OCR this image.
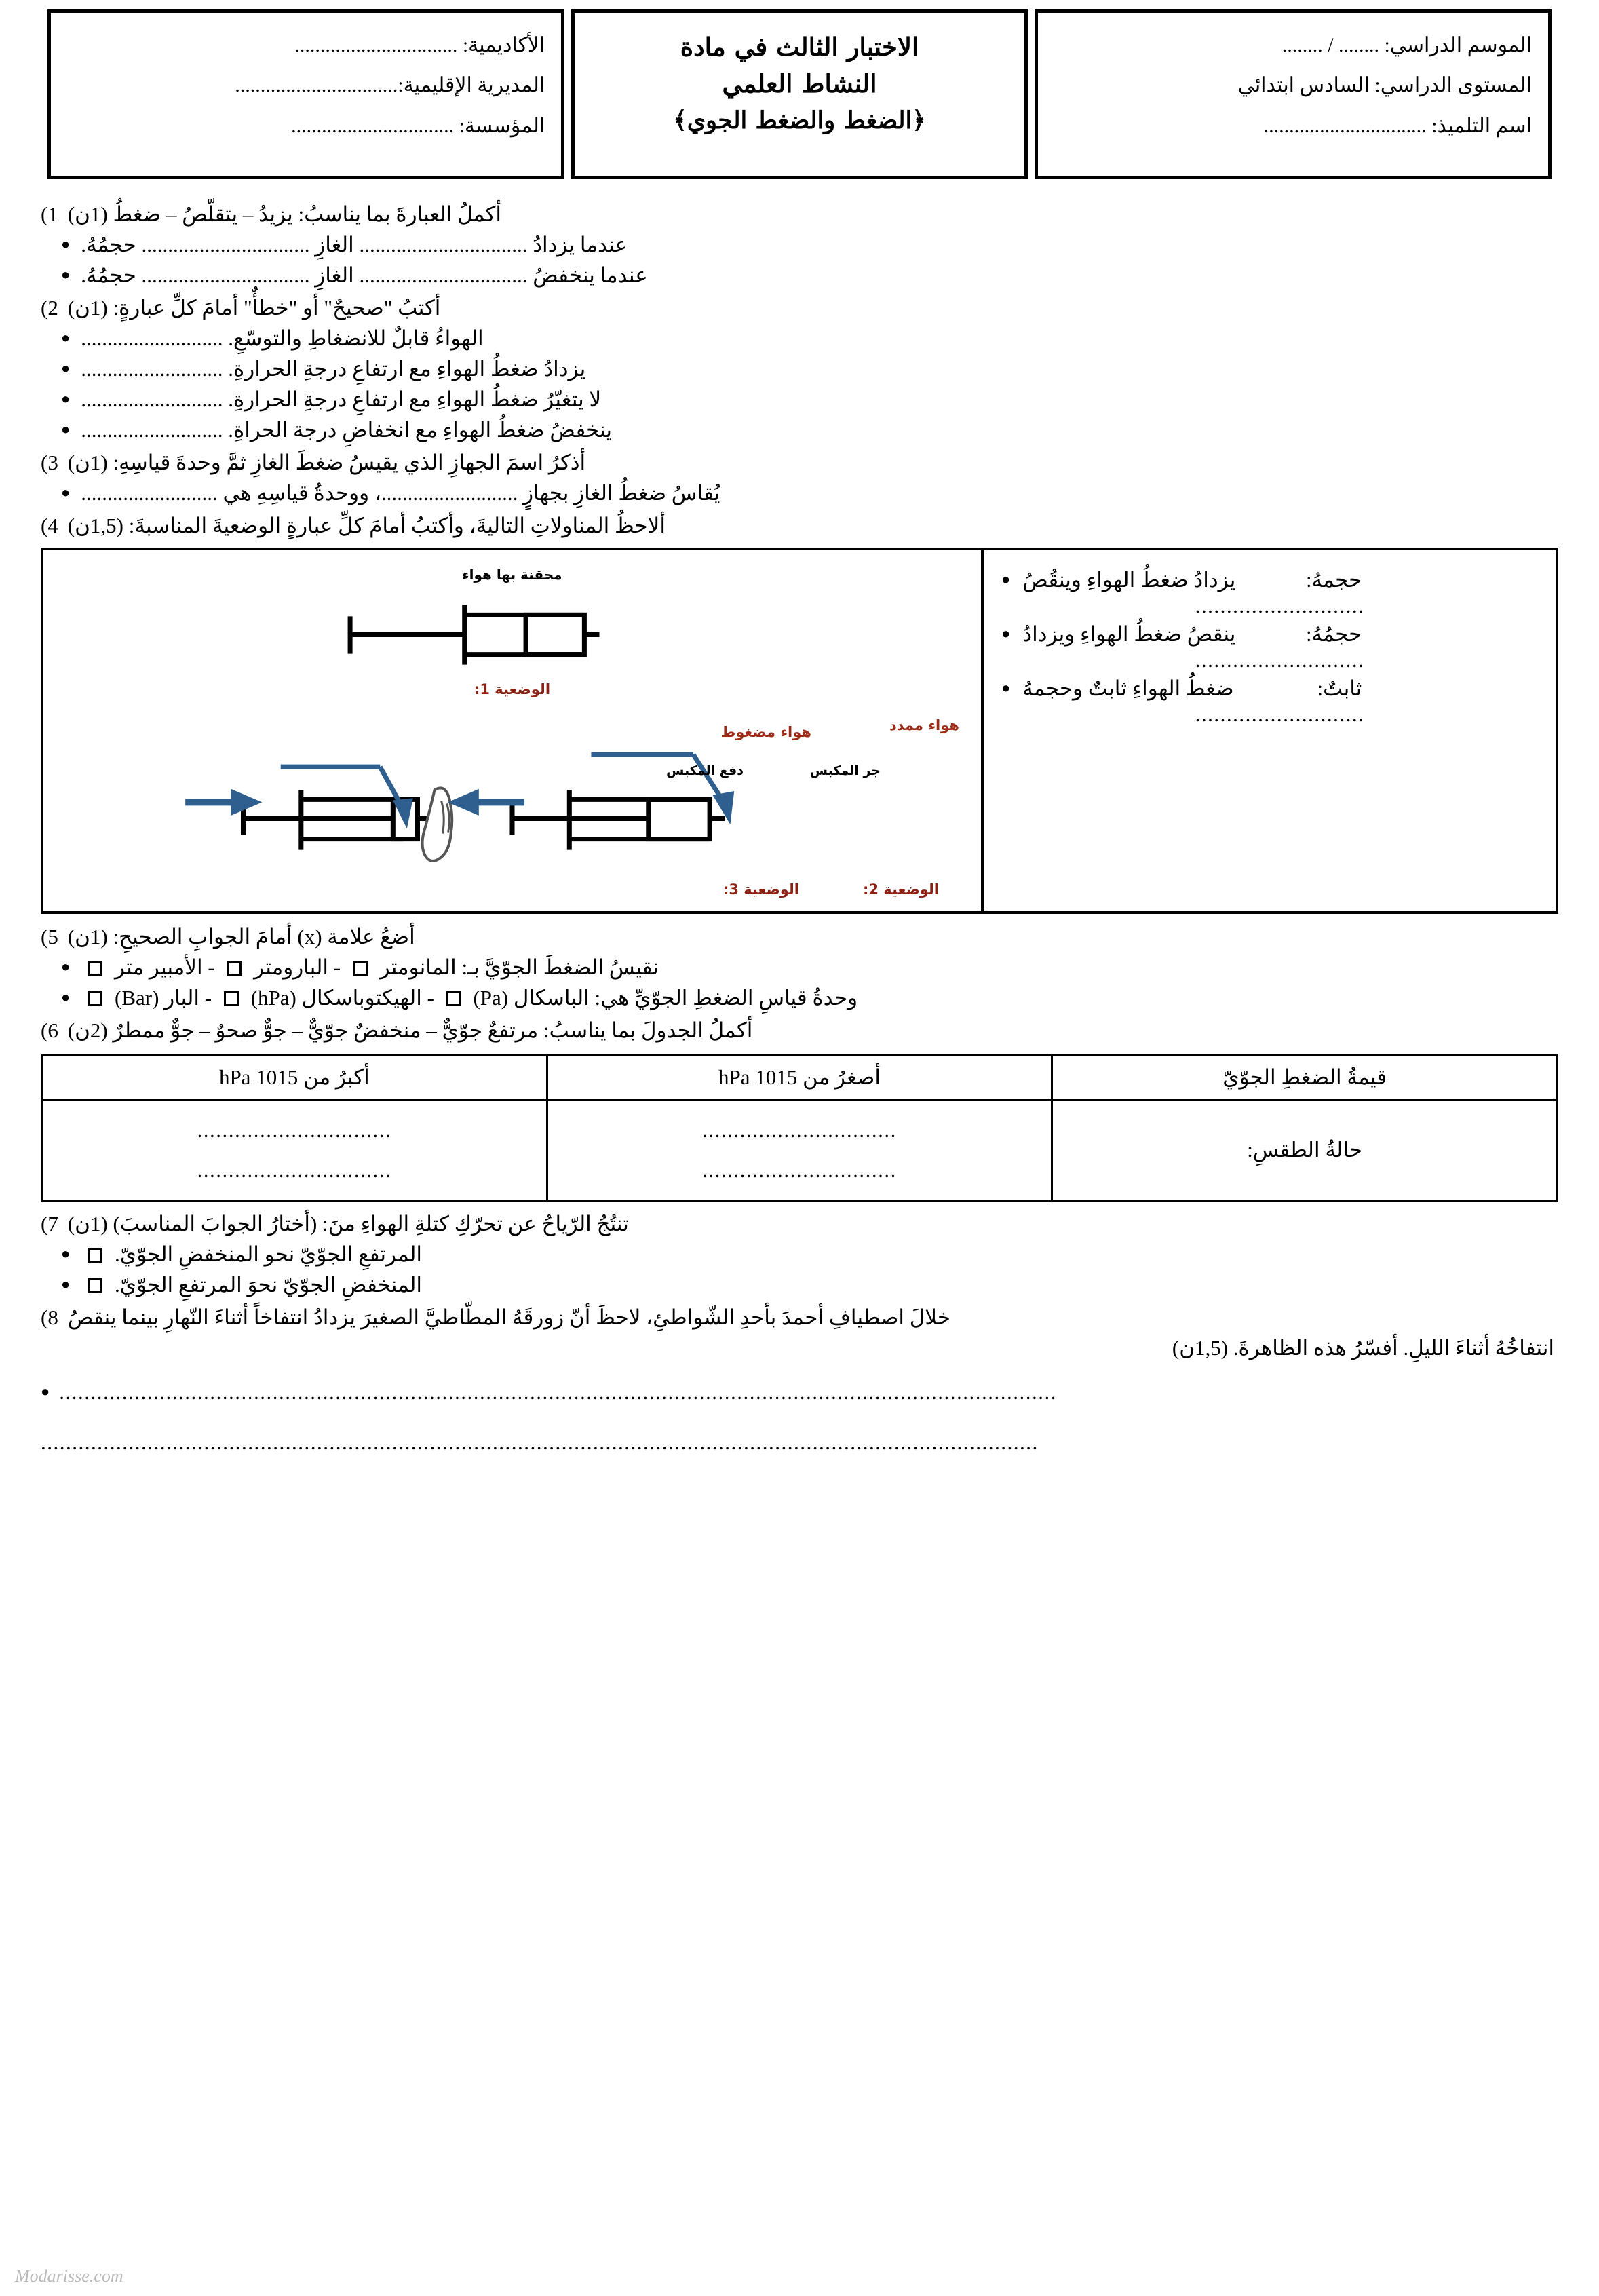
الموسم الدراسي: ........ / ........
المستوى الدراسي: السادس ابتدائي
اسم التلميذ: ................................

الاختبار الثالث في مادة
النشاط العلمي
﴿الضغط والضغط الجوي﴾

الأكاديمية: ................................
المديرية الإقليمية:................................
المؤسسة: ................................
أكملُ العبارةَ بما يناسبُ: يزيدُ – يتقلّصُ – ضغطُ (1ن)
1)
عندما يزدادُ ................................ الغازِ ................................ حجمُهُ.
●
عندما ينخفضُ ................................ الغازِ ................................ حجمُهُ.
●
أكتبُ "صحيحٌ" أو "خطأٌ" أمامَ كلِّ عبارةٍ: (1ن)
2)
الهواءُ قابلٌ للانضغاطِ والتوسّعِ. ...........................
●
يزدادُ ضغطُ الهواءِ مع ارتفاعِ درجةِ الحرارةِ. ...........................
●
لا يتغيّرُ ضغطُ الهواءِ مع ارتفاعِ درجةِ الحرارةِ. ...........................
●
ينخفضُ ضغطُ الهواءِ مع انخفاضِ درجة الحراةِ. ...........................
●
أذكرُ اسمَ الجهازِ الذي يقيسُ ضغطَ الغازِ ثمَّ وحدةَ قياسِهِ: (1ن)
3)
يُقاسُ ضغطُ الغازِ بجهازٍ ..........................، ووحدةُ قياسِهِ هي ..........................
●
ألاحظُ المناولاتِ التاليةَ، وأكتبُ أمامَ كلِّ عبارةٍ الوضعيةَ المناسبةَ: (1,5ن)
4)
حجمهُ:
يزدادُ ضغطُ الهواءِ وينقُصُ
●
...........................
حجمُهُ:
ينقصُ ضغطُ الهواءِ ويزدادُ
●
...........................
ثابتٌ:
ضغطُ الهواءِ ثابتٌ وحجمهُ
●
...........................
محقنة بها هواء
الوضعية 1:
هواء مضغوط	هواء ممدد
دفع المكبس	جر المكبس
الوضعية 3:	الوضعية 2:
أضعُ علامة (x) أمامَ الجوابِ الصحيحِ: (1ن)
5)
نقيسُ الضغطَ الجوّيَّ بـ: المانومتر  - البارومتر  - الأمبير متر
●
وحدةُ قياسِ الضغطِ الجوّيِّ هي: الباسكال (Pa)  - الهيكتوباسكال (hPa)  - البار (Bar)
●
أكملُ الجدولَ بما يناسبُ: مرتفعٌ جوّيٌّ – منخفضٌ جوّيٌّ – جوٌّ صحوٌ – جوٌّ ممطرٌ (2ن)
6)
قيمةُ الضغطِ الجوّيّ	أصغرُ من 1015 hPa	أكبرُ من 1015 hPa
حالةُ الطقسِ:	
...............................
...............................

...............................
...............................
تنتُجُ الرّياحُ عن تحرّكِ كتلةِ الهواءِ منَ: (أختارُ الجوابَ المناسبَ) (1ن)
7)
المرتفعِ الجوّيّ نحو المنخفضِ الجوّيّ.
●
المنخفضِ الجوّيّ نحوَ المرتفعِ الجوّيّ.
●
خلالَ اصطيافِ أحمدَ بأحدِ الشّواطئِ، لاحظَ أنّ زورقَهُ المطّاطيَّ الصغيرَ يزدادُ انتفاخاً أثناءَ النّهارِ بينما ينقصُ
8)
انتفاخُهُ أثناءَ الليلِ. أفسّرُ هذه الظاهرةَ. (1,5ن)
...............................................................................................................................................................
●
...............................................................................................................................................................
Modarisse.com
